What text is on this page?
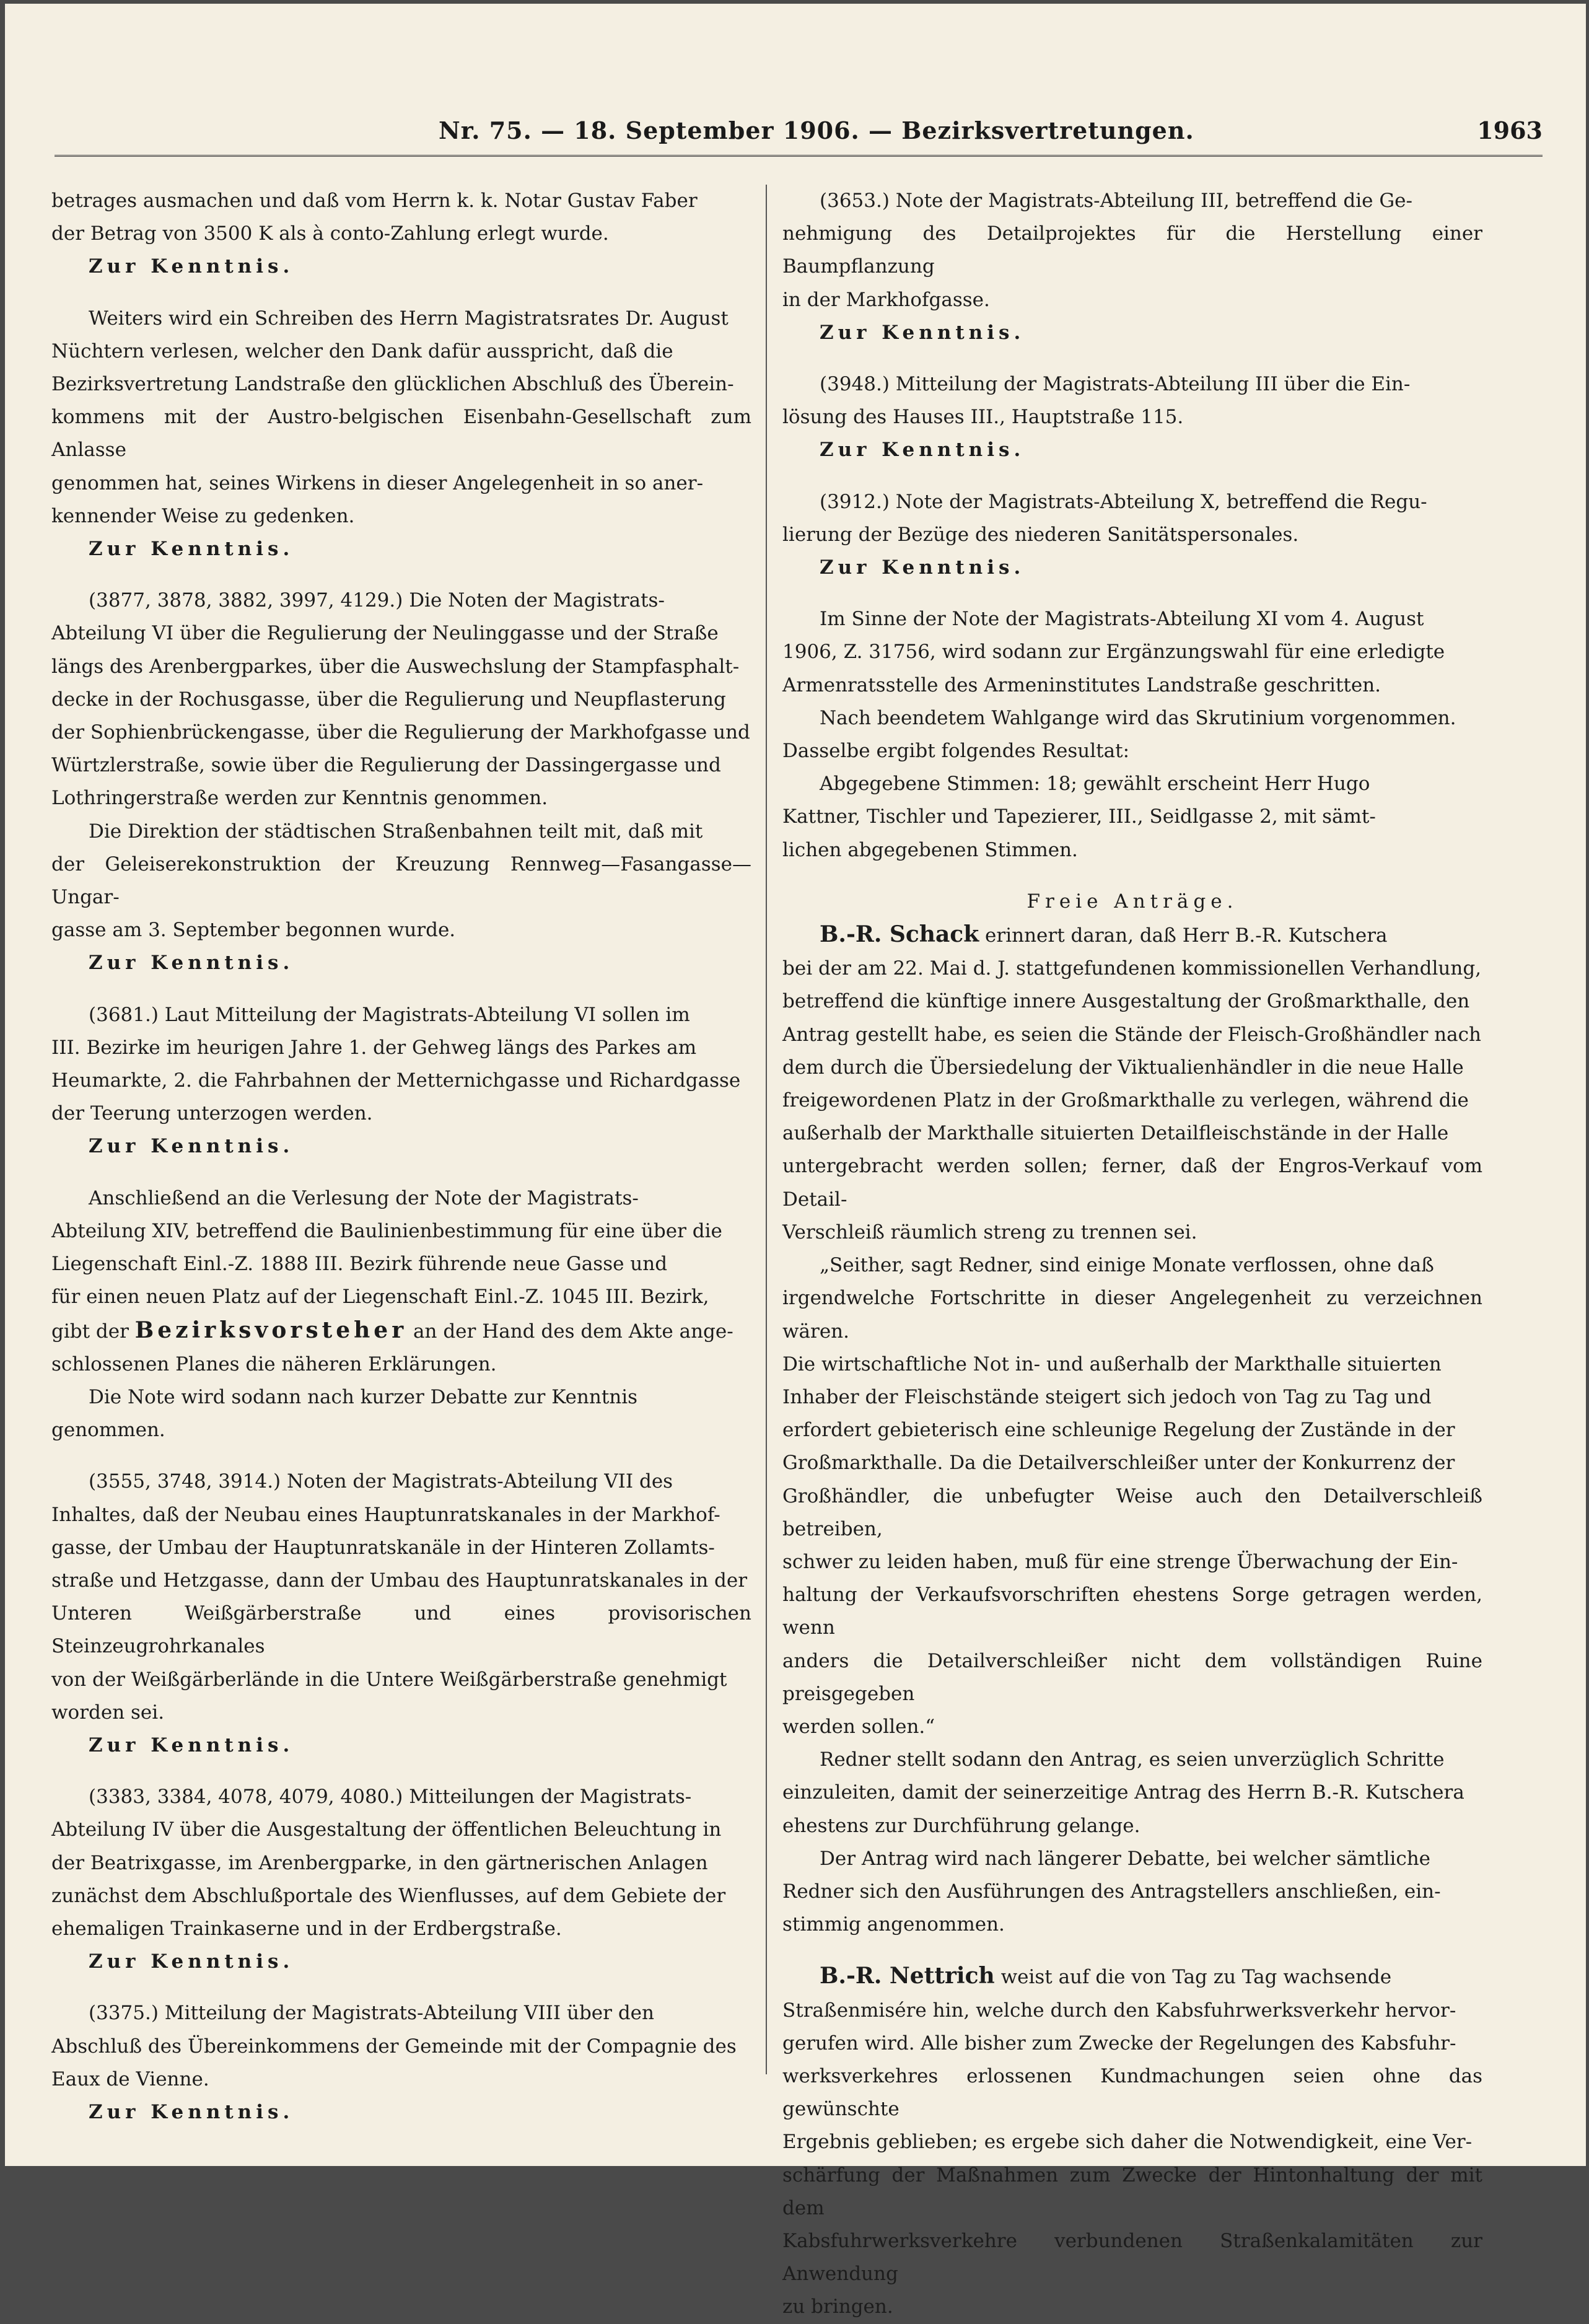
Nr. 75. — 18. September 1906. — Bezirksvertretungen.	1963

betrages ausmachen und daß vom Herrn k. k. Notar Gustav Faber

der Betrag von 3500 K als à conto-Zahlung erlegt wurde.

Zur Kenntnis.

Weiters wird ein Schreiben des Herrn Magistratsrates Dr. August

Nüchtern verlesen, welcher den Dank dafür ausspricht, daß die

Bezirksvertretung Landstraße den glücklichen Abschluß des Überein-

kommens mit der Austro-belgischen Eisenbahn-Gesellschaft zum Anlasse

genommen hat, seines Wirkens in dieser Angelegenheit in so aner-

kennender Weise zu gedenken.

Zur Kenntnis.

(3877, 3878, 3882, 3997, 4129.) Die Noten der Magistrats-

Abteilung VI über die Regulierung der Neulinggasse und der Straße

längs des Arenbergparkes, über die Auswechslung der Stampfasphalt-

decke in der Rochusgasse, über die Regulierung und Neupflasterung

der Sophienbrückengasse, über die Regulierung der Markhofgasse und

Würtzlerstraße, sowie über die Regulierung der Dassingergasse und

Lothringerstraße werden zur Kenntnis genommen.

Die Direktion der städtischen Straßenbahnen teilt mit, daß mit

der Geleiserekonstruktion der Kreuzung Rennweg—Fasangasse—Ungar-

gasse am 3. September begonnen wurde.

Zur Kenntnis.

(3681.) Laut Mitteilung der Magistrats-Abteilung VI sollen im

III. Bezirke im heurigen Jahre 1. der Gehweg längs des Parkes am

Heumarkte, 2. die Fahrbahnen der Metternichgasse und Richardgasse

der Teerung unterzogen werden.

Zur Kenntnis.

Anschließend an die Verlesung der Note der Magistrats-

Abteilung XIV, betreffend die Baulinienbestimmung für eine über die

Liegenschaft Einl.-Z. 1888 III. Bezirk führende neue Gasse und

für einen neuen Platz auf der Liegenschaft Einl.-Z. 1045 III. Bezirk,

gibt der Bezirksvorsteher an der Hand des dem Akte ange-

schlossenen Planes die näheren Erklärungen.

Die Note wird sodann nach kurzer Debatte zur Kenntnis

genommen.

(3555, 3748, 3914.) Noten der Magistrats-Abteilung VII des

Inhaltes, daß der Neubau eines Hauptunratskanales in der Markhof-

gasse, der Umbau der Hauptunratskanäle in der Hinteren Zollamts-

straße und Hetzgasse, dann der Umbau des Hauptunratskanales in der

Unteren Weißgärberstraße und eines provisorischen Steinzeugrohrkanales

von der Weißgärberlände in die Untere Weißgärberstraße genehmigt

worden sei.

Zur Kenntnis.

(3383, 3384, 4078, 4079, 4080.) Mitteilungen der Magistrats-

Abteilung IV über die Ausgestaltung der öffentlichen Beleuchtung in

der Beatrixgasse, im Arenbergparke, in den gärtnerischen Anlagen

zunächst dem Abschlußportale des Wienflusses, auf dem Gebiete der

ehemaligen Trainkaserne und in der Erdbergstraße.

Zur Kenntnis.

(3375.) Mitteilung der Magistrats-Abteilung VIII über den

Abschluß des Übereinkommens der Gemeinde mit der Compagnie des

Eaux de Vienne.

Zur Kenntnis.

(3653.) Note der Magistrats-Abteilung III, betreffend die Ge-

nehmigung des Detailprojektes für die Herstellung einer Baumpflanzung

in der Markhofgasse.

Zur Kenntnis.

(3948.) Mitteilung der Magistrats-Abteilung III über die Ein-

lösung des Hauses III., Hauptstraße 115.

Zur Kenntnis.

(3912.) Note der Magistrats-Abteilung X, betreffend die Regu-

lierung der Bezüge des niederen Sanitätspersonales.

Zur Kenntnis.

Im Sinne der Note der Magistrats-Abteilung XI vom 4. August

1906, Z. 31756, wird sodann zur Ergänzungswahl für eine erledigte

Armenratsstelle des Armeninstitutes Landstraße geschritten.

Nach beendetem Wahlgange wird das Skrutinium vorgenommen.

Dasselbe ergibt folgendes Resultat:

Abgegebene Stimmen: 18; gewählt erscheint Herr Hugo

Kattner, Tischler und Tapezierer, III., Seidlgasse 2, mit sämt-

lichen abgegebenen Stimmen.

Freie Anträge.

B.-R. Schack erinnert daran, daß Herr B.-R. Kutschera

bei der am 22. Mai d. J. stattgefundenen kommissionellen Verhandlung,

betreffend die künftige innere Ausgestaltung der Großmarkthalle, den

Antrag gestellt habe, es seien die Stände der Fleisch-Großhändler nach

dem durch die Übersiedelung der Viktualienhändler in die neue Halle

freigewordenen Platz in der Großmarkthalle zu verlegen, während die

außerhalb der Markthalle situierten Detailfleischstände in der Halle

untergebracht werden sollen; ferner, daß der Engros-Verkauf vom Detail-

Verschleiß räumlich streng zu trennen sei.

„Seither, sagt Redner, sind einige Monate verflossen, ohne daß

irgendwelche Fortschritte in dieser Angelegenheit zu verzeichnen wären.

Die wirtschaftliche Not in- und außerhalb der Markthalle situierten

Inhaber der Fleischstände steigert sich jedoch von Tag zu Tag und

erfordert gebieterisch eine schleunige Regelung der Zustände in der

Großmarkthalle. Da die Detailverschleißer unter der Konkurrenz der

Großhändler, die unbefugter Weise auch den Detailverschleiß betreiben,

schwer zu leiden haben, muß für eine strenge Überwachung der Ein-

haltung der Verkaufsvorschriften ehestens Sorge getragen werden, wenn

anders die Detailverschleißer nicht dem vollständigen Ruine preisgegeben

werden sollen.“

Redner stellt sodann den Antrag, es seien unverzüglich Schritte

einzuleiten, damit der seinerzeitige Antrag des Herrn B.-R. Kutschera

ehestens zur Durchführung gelange.

Der Antrag wird nach längerer Debatte, bei welcher sämtliche

Redner sich den Ausführungen des Antragstellers anschließen, ein-

stimmig angenommen.

B.-R. Nettrich weist auf die von Tag zu Tag wachsende

Straßenmisére hin, welche durch den Kabsfuhrwerksverkehr hervor-

gerufen wird. Alle bisher zum Zwecke der Regelungen des Kabsfuhr-

werksverkehres erlossenen Kundmachungen seien ohne das gewünschte

Ergebnis geblieben; es ergebe sich daher die Notwendigkeit, eine Ver-

schärfung der Maßnahmen zum Zwecke der Hintonhaltung der mit dem

Kabsfuhrwerksverkehre verbundenen Straßenkalamitäten zur Anwendung

zu bringen.
